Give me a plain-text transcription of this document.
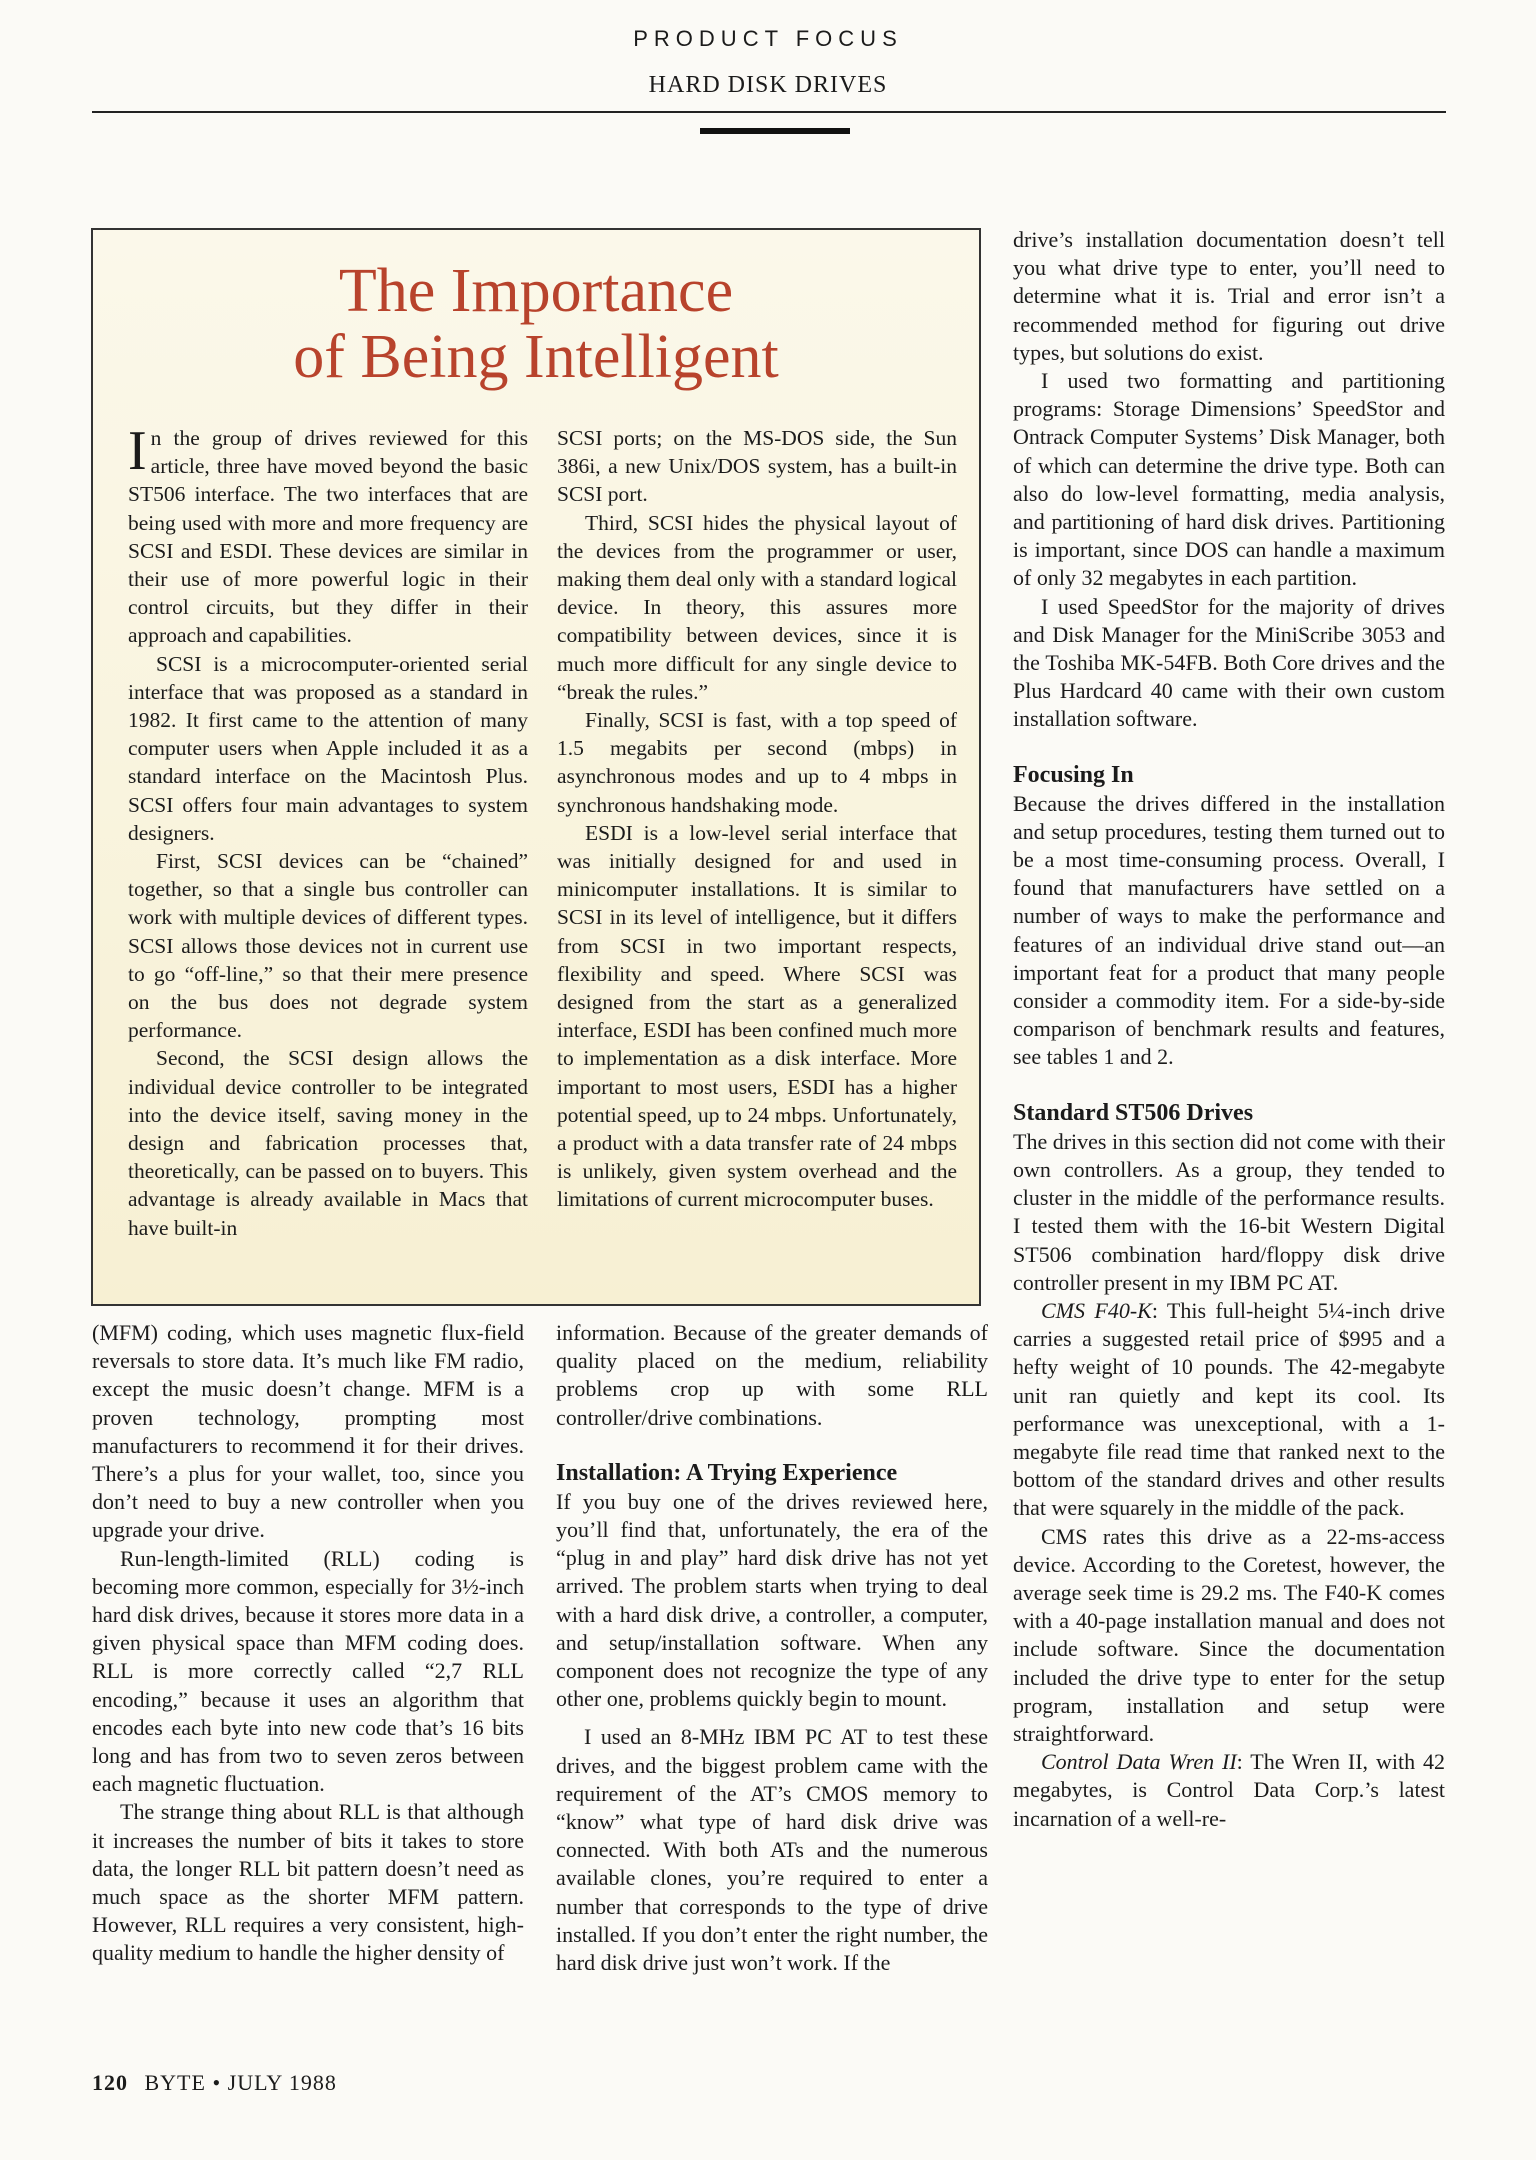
PRODUCT FOCUS
HARD DISK DRIVES
The Importance
of Being Intelligent

In the group of drives reviewed for this article, three have moved beyond the basic ST506 interface. The two interfaces that are being used with more and more frequency are SCSI and ESDI. These devices are similar in their use of more powerful logic in their control circuits, but they differ in their approach and capabilities.

SCSI is a microcomputer-oriented serial interface that was proposed as a standard in 1982. It first came to the attention of many computer users when Apple included it as a standard interface on the Macintosh Plus. SCSI offers four main advantages to system designers.

First, SCSI devices can be “chained” together, so that a single bus controller can work with multiple devices of different types. SCSI allows those devices not in current use to go “off-line,” so that their mere presence on the bus does not degrade system performance.

Second, the SCSI design allows the individual device controller to be integrated into the device itself, saving money in the design and fabrication processes that, theoretically, can be passed on to buyers. This advantage is already available in Macs that have built-in

SCSI ports; on the MS-DOS side, the Sun 386i, a new Unix/DOS system, has a built-in SCSI port.

Third, SCSI hides the physical layout of the devices from the programmer or user, making them deal only with a standard logical device. In theory, this assures more compatibility between devices, since it is much more difficult for any single device to “break the rules.”

Finally, SCSI is fast, with a top speed of 1.5 megabits per second (mbps) in asynchronous modes and up to 4 mbps in synchronous handshaking mode.

ESDI is a low-level serial interface that was initially designed for and used in minicomputer installations. It is similar to SCSI in its level of intelligence, but it differs from SCSI in two important respects, flexibility and speed. Where SCSI was designed from the start as a generalized interface, ESDI has been confined much more to implementation as a disk interface. More important to most users, ESDI has a higher potential speed, up to 24 mbps. Unfortunately, a product with a data transfer rate of 24 mbps is unlikely, given system overhead and the limitations of current microcomputer buses.

(MFM) coding, which uses magnetic flux-field reversals to store data. It’s much like FM radio, except the music doesn’t change. MFM is a proven technology, prompting most manufacturers to recommend it for their drives. There’s a plus for your wallet, too, since you don’t need to buy a new controller when you upgrade your drive.

Run-length-limited (RLL) coding is becoming more common, especially for 3½-inch hard disk drives, because it stores more data in a given physical space than MFM coding does. RLL is more correctly called “2,7 RLL encoding,” because it uses an algorithm that encodes each byte into new code that’s 16 bits long and has from two to seven zeros between each magnetic fluctuation.

The strange thing about RLL is that although it increases the number of bits it takes to store data, the longer RLL bit pattern doesn’t need as much space as the shorter MFM pattern. However, RLL requires a very consistent, high-quality medium to handle the higher density of

information. Because of the greater demands of quality placed on the medium, reliability problems crop up with some RLL controller/drive combinations.

Installation: A Trying Experience

If you buy one of the drives reviewed here, you’ll find that, unfortunately, the era of the “plug in and play” hard disk drive has not yet arrived. The problem starts when trying to deal with a hard disk drive, a controller, a computer, and setup/installation software. When any component does not recognize the type of any other one, problems quickly begin to mount.

I used an 8-MHz IBM PC AT to test these drives, and the biggest problem came with the requirement of the AT’s CMOS memory to “know” what type of hard disk drive was connected. With both ATs and the numerous available clones, you’re required to enter a number that corresponds to the type of drive installed. If you don’t enter the right number, the hard disk drive just won’t work. If the

drive’s installation documentation doesn’t tell you what drive type to enter, you’ll need to determine what it is. Trial and error isn’t a recommended method for figuring out drive types, but solutions do exist.

I used two formatting and partitioning programs: Storage Dimensions’ SpeedStor and Ontrack Computer Systems’ Disk Manager, both of which can determine the drive type. Both can also do low-level formatting, media analysis, and partitioning of hard disk drives. Partitioning is important, since DOS can handle a maximum of only 32 megabytes in each partition.

I used SpeedStor for the majority of drives and Disk Manager for the MiniScribe 3053 and the Toshiba MK-54FB. Both Core drives and the Plus Hardcard 40 came with their own custom installation software.

Focusing In

Because the drives differed in the installation and setup procedures, testing them turned out to be a most time-consuming process. Overall, I found that manufacturers have settled on a number of ways to make the performance and features of an individual drive stand out—an important feat for a product that many people consider a commodity item. For a side-by-side comparison of benchmark results and features, see tables 1 and 2.

Standard ST506 Drives

The drives in this section did not come with their own controllers. As a group, they tended to cluster in the middle of the performance results. I tested them with the 16-bit Western Digital ST506 combination hard/floppy disk drive controller present in my IBM PC AT.

CMS F40-K: This full-height 5¼-inch drive carries a suggested retail price of $995 and a hefty weight of 10 pounds. The 42-megabyte unit ran quietly and kept its cool. Its performance was unexceptional, with a 1-megabyte file read time that ranked next to the bottom of the standard drives and other results that were squarely in the middle of the pack.

CMS rates this drive as a 22-ms-access device. According to the Coretest, however, the average seek time is 29.2 ms. The F40-K comes with a 40-page installation manual and does not include software. Since the documentation included the drive type to enter for the setup program, installation and setup were straightforward.

Control Data Wren II: The Wren II, with 42 megabytes, is Control Data Corp.’s latest incarnation of a well-re-

120 BYTE • JULY 1988
